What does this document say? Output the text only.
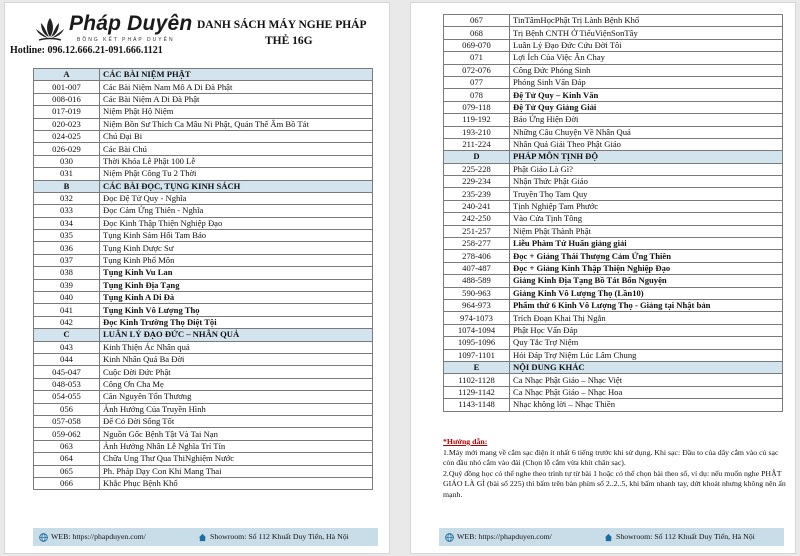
Pháp Duyên
BỒNG KẾT PHÁP DUYÊN
Hotline: 096.12.666.21-091.666.1121
DANH SÁCH MÁY NGHE PHÁP
THẺ 16G
A	CÁC BÀI NIỆM PHẬT
001-007	Các Bài Niệm Nam Mô A Di Đà Phật
008-016	Các Bài Niệm A Di Đà Phật
017-019	Niệm Phật Hộ Niệm
020-023	Niệm Bồn Sư Thích Ca Mâu Ni Phật, Quán Thế Âm Bồ Tát
024-025	Chú Đại Bi
026-029	Các Bài Chú
030	Thời Khóa Lễ Phật 100 Lễ
031	Niệm Phật Công Tu 2 Thời
B	CÁC BÀI ĐỌC, TỤNG KINH SÁCH
032	Đọc Đệ Tử Quy - Nghĩa
033	Đọc Cảm Ứng Thiên - Nghĩa
034	Đọc Kinh Thập Thiện Nghiệp Đạo
035	Tụng Kinh Sám Hối Tam Bảo
036	Tụng Kinh Dược Sư
037	Tụng Kinh Phổ Môn
038	Tụng Kinh Vu Lan
039	Tụng Kinh Địa Tạng
040	Tụng Kinh A Di Đà
041	Tụng Kinh Vô Lượng Thọ
042	Đọc Kinh Trường Thọ Diệt Tội
C	LUÂN LÝ ĐẠO ĐỨC – NHÂN QUẢ
043	Kinh Thiện Ác Nhân quả
044	Kinh Nhân Quả Ba Đời
045-047	Cuộc Đời Đức Phật
048-053	Công Ơn Cha Mẹ
054-055	Căn Nguyên Tổn Thương
056	Ảnh Hưởng Của Truyền Hình
057-058	Để Có Đời Sống Tốt
059-062	Nguồn Gốc Bệnh Tật Và Tai Nạn
063	Ảnh Hưởng Nhân Lễ Nghĩa Trí Tín
064	Chữa Ung Thư Qua ThiNghiệm Nước
065	Ph. Pháp Dạy Con Khi Mang Thai
066	Khắc Phục Bệnh Khổ
WEB: https://phapduyen.com/	Showroom: Số 112 Khuất Duy Tiến, Hà Nội
067	TinTâmHọcPhật Trị Lành Bệnh Khổ
068	Trị Bệnh CNTH Ở TiểuViệnSonTây
069-070	Luân Lý Đạo Đức Cứu Đời Tôi
071	Lợi Ích Của Việc Ăn Chay
072-076	Công Đức Phóng Sinh
077	Phóng Sinh Vấn Đáp
078	Đệ Tử Quy – Kinh Văn
079-118	Đệ Tử Quy Giảng Giải
119-192	Báo Ứng Hiện Đời
193-210	Những Câu Chuyện Về Nhân Quả
211-224	Nhân Quả Giải Theo Phật Giáo
D	PHÁP MÔN TỊNH ĐỘ
225-228	Phật Giáo Là Gì?
229-234	Nhận Thức Phật Giáo
235-239	Truyền Thọ Tam Quy
240-241	Tịnh Nghiệp Tam Phước
242-250	Vào Cửa Tịnh Tông
251-257	Niệm Phật Thành Phật
258-277	Liễu Phàm Tứ Huấn giảng giải
278-406	Đọc + Giảng Thái Thượng Cảm Ứng Thiên
407-487	Đọc + Giảng Kinh Thập Thiện Nghiệp Đạo
488-589	Giảng Kinh Địa Tạng Bồ Tát Bổn Nguyện
590-963	Giảng Kinh Vô Lượng Thọ (Lần10)
964-973	Phẩm thứ 6 Kinh Vô Lượng Thọ - Giảng tại Nhật bản
974-1073	Trích Đoạn Khai Thị Ngắn
1074-1094	Phật Học Vấn Đáp
1095-1096	Quy Tắc Trợ Niệm
1097-1101	Hỏi Đáp Trợ Niệm Lúc Lâm Chung
E	NỘI DUNG KHÁC
1102-1128	Ca Nhạc Phật Giáo – Nhạc Việt
1129-1142	Ca Nhạc Phật Giáo – Nhạc Hoa
1143-1148	Nhạc không lời – Nhạc Thiền
*Hướng dẫn:
1.Máy mới mang về cắm sạc điện ít nhất 6 tiếng trước khi sử dụng. Khi sạc: Đầu to của dây cắm vào củ sạc còn đầu nhỏ cắm vào đài (Chọn lỗ cắm vừa khít chân sạc).
2.Quý đồng học có thể nghe theo trình tự từ bài 1 hoặc có thể chọn bài theo số, ví dụ: nếu muốn nghe PHẬT GIÁO LÀ GÌ (bài số 225) thì bấm trên bàn phím số 2..2..5, khi bấm nhanh tay, dứt khoát nhưng không nên ấn mạnh.
WEB: https://phapduyen.com/	Showroom: Số 112 Khuất Duy Tiến, Hà Nội
